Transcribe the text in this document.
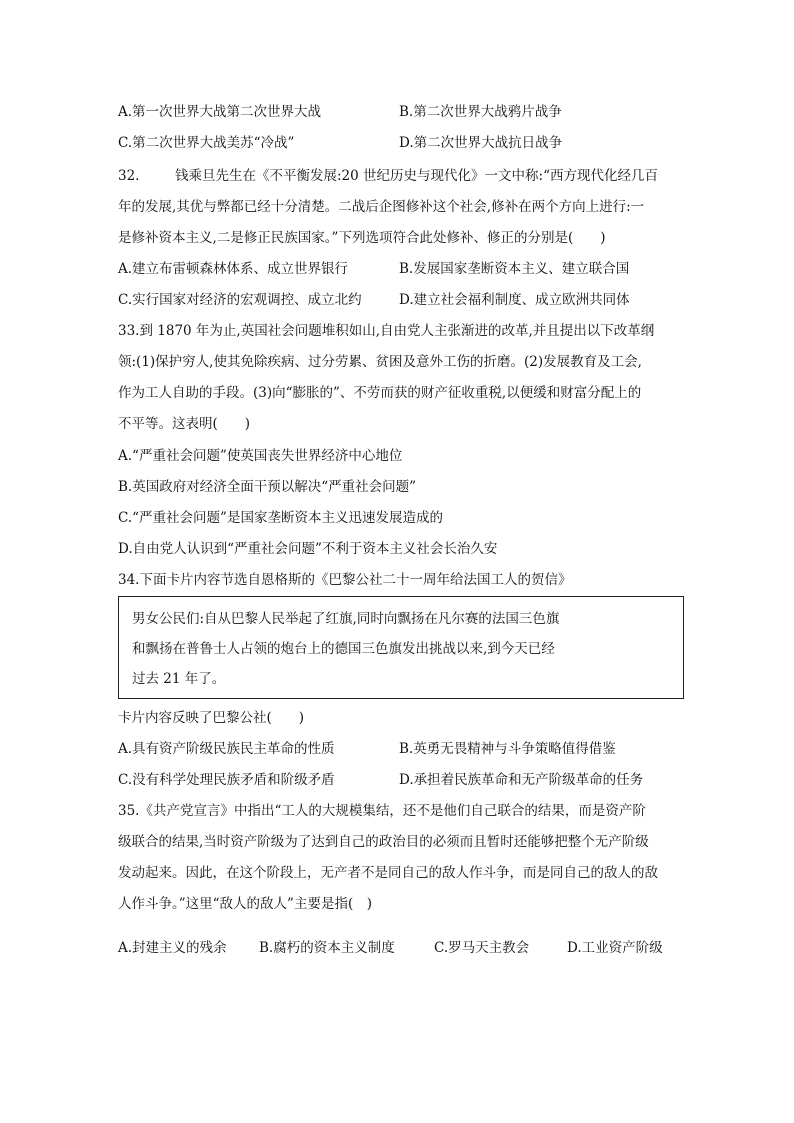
A.第一次世界大战第二次世界大战	B.第二次世界大战鸦片战争
C.第二次世界大战美苏“冷战”	D.第二次世界大战抗日战争
32.	钱乘旦先生在《不平衡发展:20 世纪历史与现代化》一文中称:“西方现代化经几百
年的发展,其优与弊都已经十分清楚。二战后企图修补这个社会,修补在两个方向上进行:一
是修补资本主义,二是修正民族国家。”下列选项符合此处修补、修正的分别是(　　)
A.建立布雷顿森林体系、成立世界银行	B.发展国家垄断资本主义、建立联合国
C.实行国家对经济的宏观调控、成立北约	D.建立社会福利制度、成立欧洲共同体
33.到 1870 年为止,英国社会问题堆积如山,自由党人主张渐进的改革,并且提出以下改革纲
领:(1)保护穷人,使其免除疾病、过分劳累、贫困及意外工伤的折磨。(2)发展教育及工会,
作为工人自助的手段。(3)向“膨胀的”、不劳而获的财产征收重税,以便缓和财富分配上的
不平等。这表明(　　)
A.“严重社会问题”使英国丧失世界经济中心地位
B.英国政府对经济全面干预以解决“严重社会问题”
C.“严重社会问题”是国家垄断资本主义迅速发展造成的
D.自由党人认识到“严重社会问题”不利于资本主义社会长治久安
34.下面卡片内容节选自恩格斯的《巴黎公社二十一周年给法国工人的贺信》
男女公民们:自从巴黎人民举起了红旗,同时向飘扬在凡尔赛的法国三色旗
和飘扬在普鲁士人占领的炮台上的德国三色旗发出挑战以来,到今天已经
过去 21 年了。
卡片内容反映了巴黎公社(　　)
A.具有资产阶级民族民主革命的性质	B.英勇无畏精神与斗争策略值得借鉴
C.没有科学处理民族矛盾和阶级矛盾	D.承担着民族革命和无产阶级革命的任务
35.《共产党宣言》中指出“工人的大规模集结，还不是他们自己联合的结果，而是资产阶
级联合的结果,当时资产阶级为了达到自己的政治目的必须而且暂时还能够把整个无产阶级
发动起来。因此，在这个阶段上，无产者不是同自己的敌人作斗争，而是同自己的敌人的敌
人作斗争。”这里“敌人的敌人”主要是指(　)
A.封建主义的残余 B.腐朽的资本主义制度	C.罗马天主教会	D.工业资产阶级
